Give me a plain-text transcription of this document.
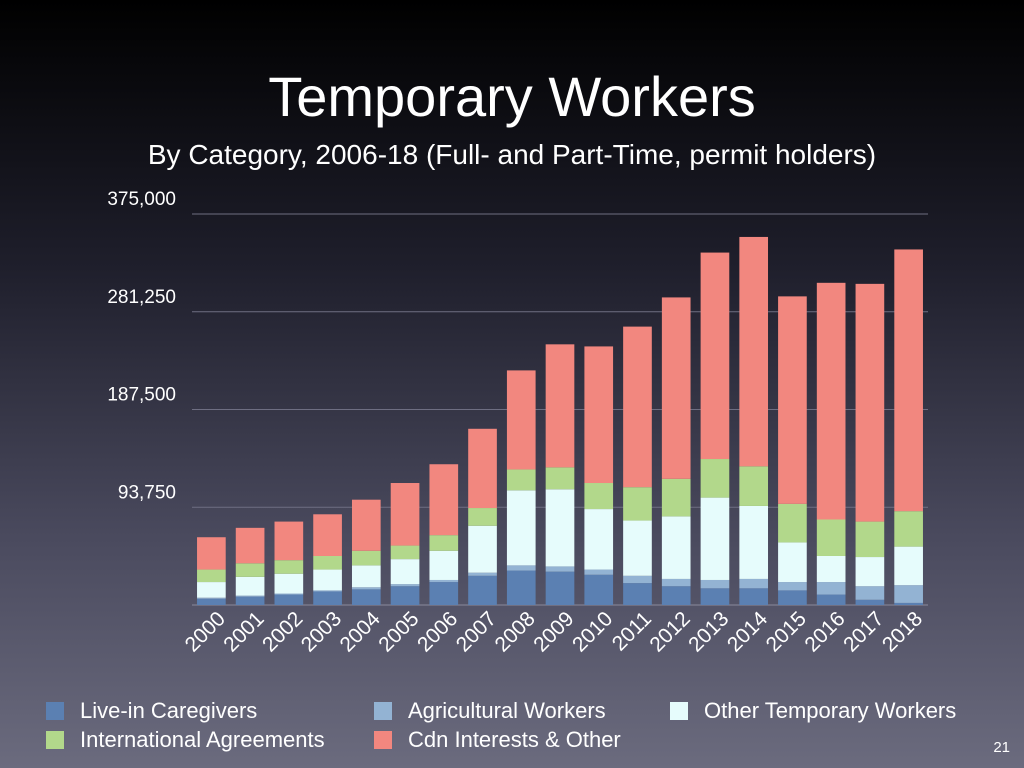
Temporary Workers
By Category, 2006-18 (Full- and Part-Time, permit holders)
93,750
187,500
281,250
375,000
2000
2001
2002
2003
2004
2005
2006
2007
2008
2009
2010
2011
2012
2013
2014
2015
2016
2017
2018
Live-in Caregivers	Agricultural Workers	Other Temporary Workers
International Agreements	Cdn Interests & Other	21
